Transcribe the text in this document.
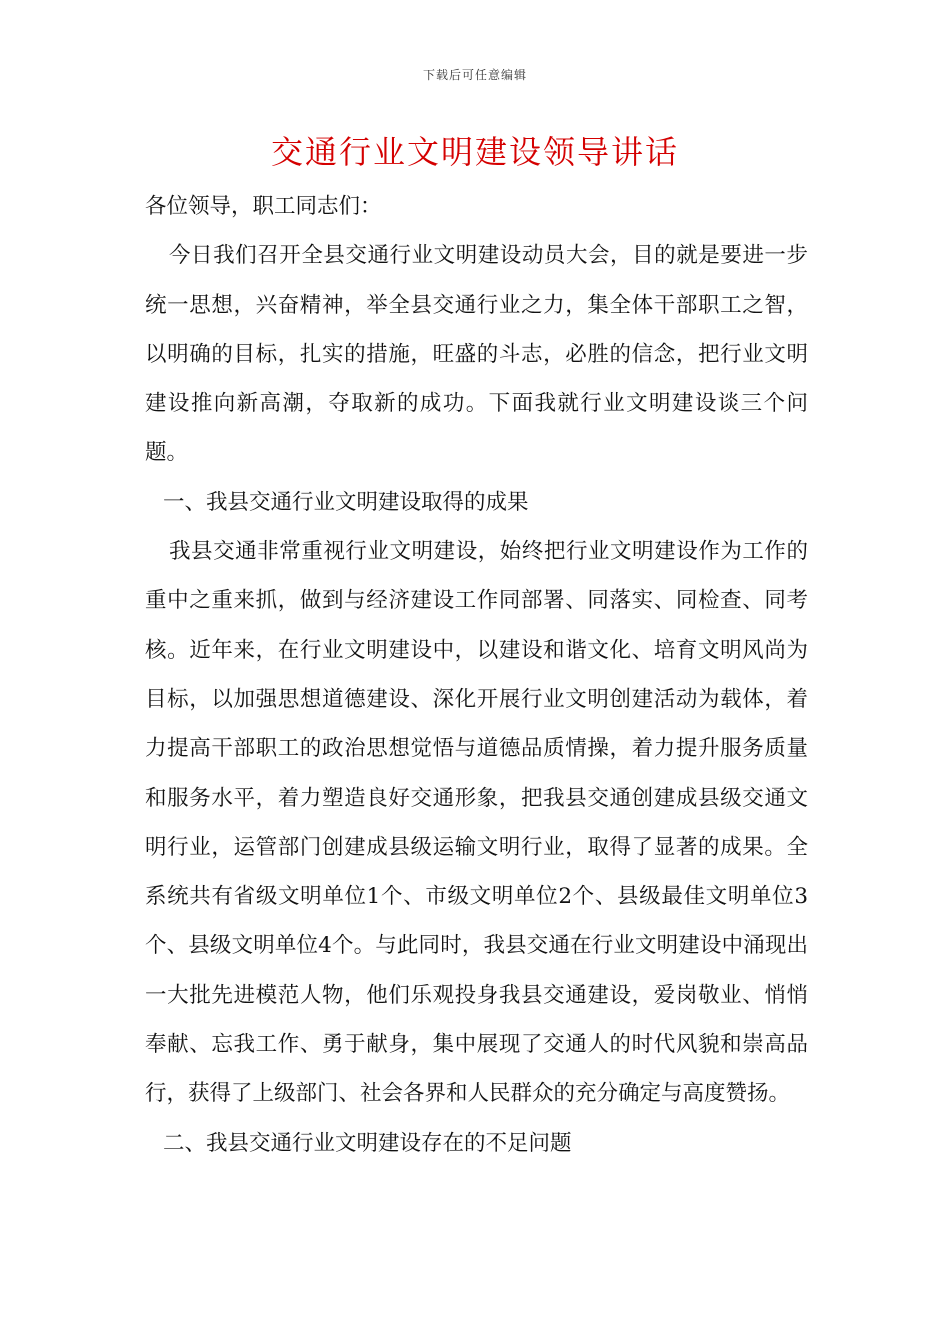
下载后可任意编辑
交通行业文明建设领导讲话

各位领导，职工同志们：

今日我们召开全县交通行业文明建设动员大会，目的就是要进一步统一思想，兴奋精神，举全县交通行业之力，集全体干部职工之智，以明确的目标，扎实的措施，旺盛的斗志，必胜的信念，把行业文明建设推向新高潮，夺取新的成功。下面我就行业文明建设谈三个问题。

一、我县交通行业文明建设取得的成果

我县交通非常重视行业文明建设，始终把行业文明建设作为工作的重中之重来抓，做到与经济建设工作同部署、同落实、同检查、同考核。近年来，在行业文明建设中，以建设和谐文化、培育文明风尚为目标，以加强思想道德建设、深化开展行业文明创建活动为载体，着力提高干部职工的政治思想觉悟与道德品质情操，着力提升服务质量和服务水平，着力塑造良好交通形象，把我县交通创建成县级交通文明行业，运管部门创建成县级运输文明行业，取得了显著的成果。全系统共有省级文明单位1个、市级文明单位2个、县级最佳文明单位3个、县级文明单位4个。与此同时，我县交通在行业文明建设中涌现出一大批先进模范人物，他们乐观投身我县交通建设，爱岗敬业、悄悄奉献、忘我工作、勇于献身，集中展现了交通人的时代风貌和崇高品行，获得了上级部门、社会各界和人民群众的充分确定与高度赞扬。

二、我县交通行业文明建设存在的不足问题
